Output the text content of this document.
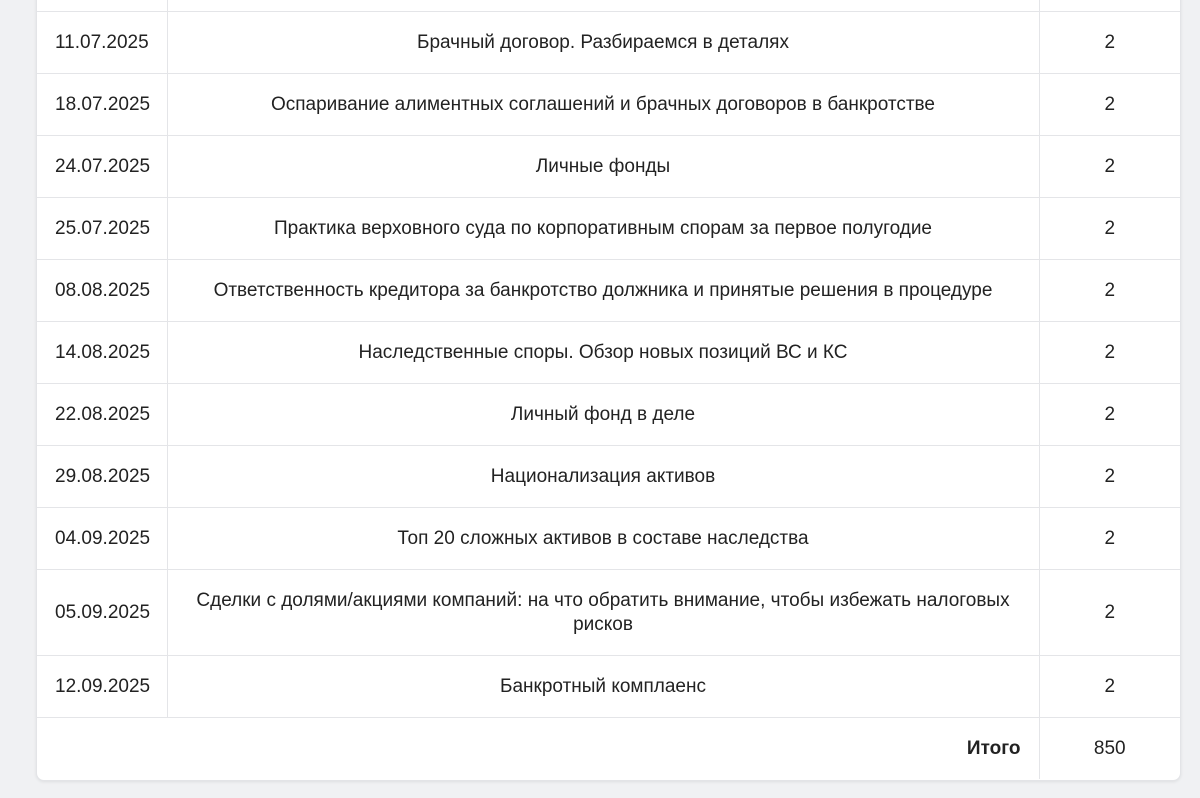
11.07.2025	Брачный договор. Разбираемся в деталях	2
18.07.2025	Оспаривание алиментных соглашений и брачных договоров в банкротстве	2
24.07.2025	Личные фонды	2
25.07.2025	Практика верховного суда по корпоративным спорам за первое полугодие	2
08.08.2025	Ответственность кредитора за банкротство должника и принятые решения в процедуре	2
14.08.2025	Наследственные споры. Обзор новых позиций ВС и КС	2
22.08.2025	Личный фонд в деле	2
29.08.2025	Национализация активов	2
04.09.2025	Топ 20 сложных активов в составе наследства	2
05.09.2025	Сделки с долями/акциями компаний: на что обратить внимание, чтобы избежать налоговых рисков	2
12.09.2025	Банкротный комплаенс	2
Итого		850
